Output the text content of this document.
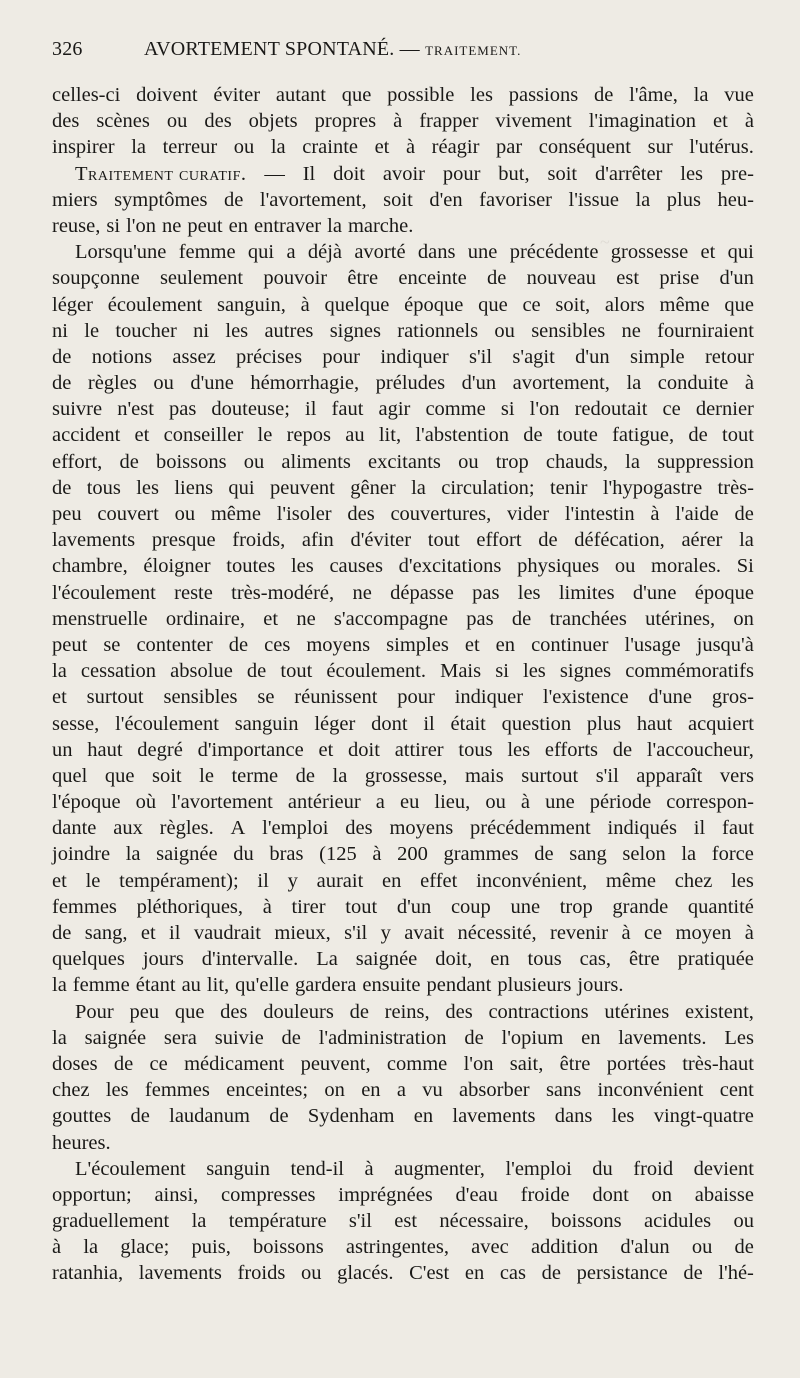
326	AVORTEMENT SPONTANÉ. — TRAITEMENT.
celles-ci doivent éviter autant que possible les passions de l'âme, la vue
des scènes ou des objets propres à frapper vivement l'imagination et à
inspirer la terreur ou la crainte et à réagir par conséquent sur l'utérus.
Traitement curatif. — Il doit avoir pour but, soit d'arrêter les pre-
miers symptômes de l'avortement, soit d'en favoriser l'issue la plus heu-
reuse, si l'on ne peut en entraver la marche.
Lorsqu'une femme qui a déjà avorté dans une précédente grossesse et qui
soupçonne seulement pouvoir être enceinte de nouveau est prise d'un
léger écoulement sanguin, à quelque époque que ce soit, alors même que
ni le toucher ni les autres signes rationnels ou sensibles ne fourniraient
de notions assez précises pour indiquer s'il s'agit d'un simple retour
de règles ou d'une hémorrhagie, préludes d'un avortement, la conduite à
suivre n'est pas douteuse; il faut agir comme si l'on redoutait ce dernier
accident et conseiller le repos au lit, l'abstention de toute fatigue, de tout
effort, de boissons ou aliments excitants ou trop chauds, la suppression
de tous les liens qui peuvent gêner la circulation; tenir l'hypogastre très-
peu couvert ou même l'isoler des couvertures, vider l'intestin à l'aide de
lavements presque froids, afin d'éviter tout effort de défécation, aérer la
chambre, éloigner toutes les causes d'excitations physiques ou morales. Si
l'écoulement reste très-modéré, ne dépasse pas les limites d'une époque
menstruelle ordinaire, et ne s'accompagne pas de tranchées utérines, on
peut se contenter de ces moyens simples et en continuer l'usage jusqu'à
la cessation absolue de tout écoulement. Mais si les signes commémoratifs
et surtout sensibles se réunissent pour indiquer l'existence d'une gros-
sesse, l'écoulement sanguin léger dont il était question plus haut acquiert
un haut degré d'importance et doit attirer tous les efforts de l'accoucheur,
quel que soit le terme de la grossesse, mais surtout s'il apparaît vers
l'époque où l'avortement antérieur a eu lieu, ou à une période correspon-
dante aux règles. A l'emploi des moyens précédemment indiqués il faut
joindre la saignée du bras (125 à 200 grammes de sang selon la force
et le tempérament); il y aurait en effet inconvénient, même chez les
femmes pléthoriques, à tirer tout d'un coup une trop grande quantité
de sang, et il vaudrait mieux, s'il y avait nécessité, revenir à ce moyen à
quelques jours d'intervalle. La saignée doit, en tous cas, être pratiquée
la femme étant au lit, qu'elle gardera ensuite pendant plusieurs jours.
Pour peu que des douleurs de reins, des contractions utérines existent,
la saignée sera suivie de l'administration de l'opium en lavements. Les
doses de ce médicament peuvent, comme l'on sait, être portées très-haut
chez les femmes enceintes; on en a vu absorber sans inconvénient cent
gouttes de laudanum de Sydenham en lavements dans les vingt-quatre
heures.
L'écoulement sanguin tend-il à augmenter, l'emploi du froid devient
opportun; ainsi, compresses imprégnées d'eau froide dont on abaisse
graduellement la température s'il est nécessaire, boissons acidules ou
à la glace; puis, boissons astringentes, avec addition d'alun ou de
ratanhia, lavements froids ou glacés. C'est en cas de persistance de l'hé-
~
